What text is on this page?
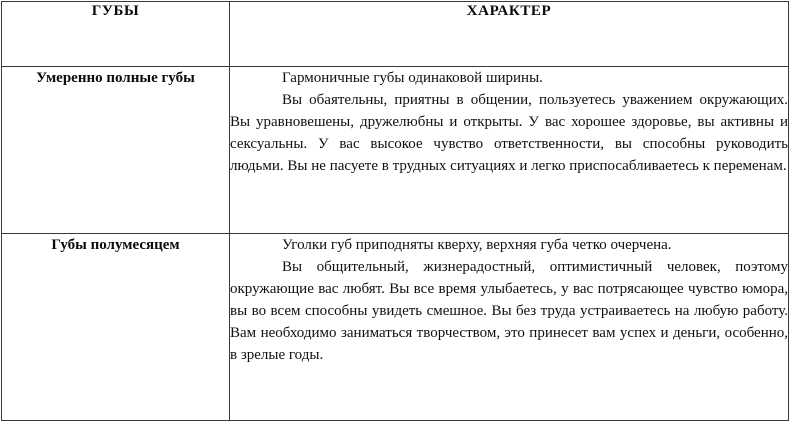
ГУБЫ	ХАРАКТЕР

Умеренно полные губы	Гармоничные губы одинаковой ширины.

Вы обаятельны, приятны в общении, пользуетесь уважением окружающих. Вы уравновешены, дружелюбны и открыты. У вас хорошее здоровье, вы активны и сексуальны. У вас высокое чувство ответственности, вы способны руководить людьми. Вы не пасуете в трудных ситуациях и легко приспосабливаетесь к переменам.

Губы полумесяцем	Уголки губ приподняты кверху, верхняя губа четко очерчена.

Вы общительный, жизнерадостный, оптимистичный человек, поэтому окружающие вас любят. Вы все время улыбаетесь, у вас потрясающее чувство юмора, вы во всем способны увидеть смешное. Вы без труда устраиваетесь на любую работу. Вам необходимо заниматься творчеством, это принесет вам успех и деньги, особенно, в зрелые годы.
